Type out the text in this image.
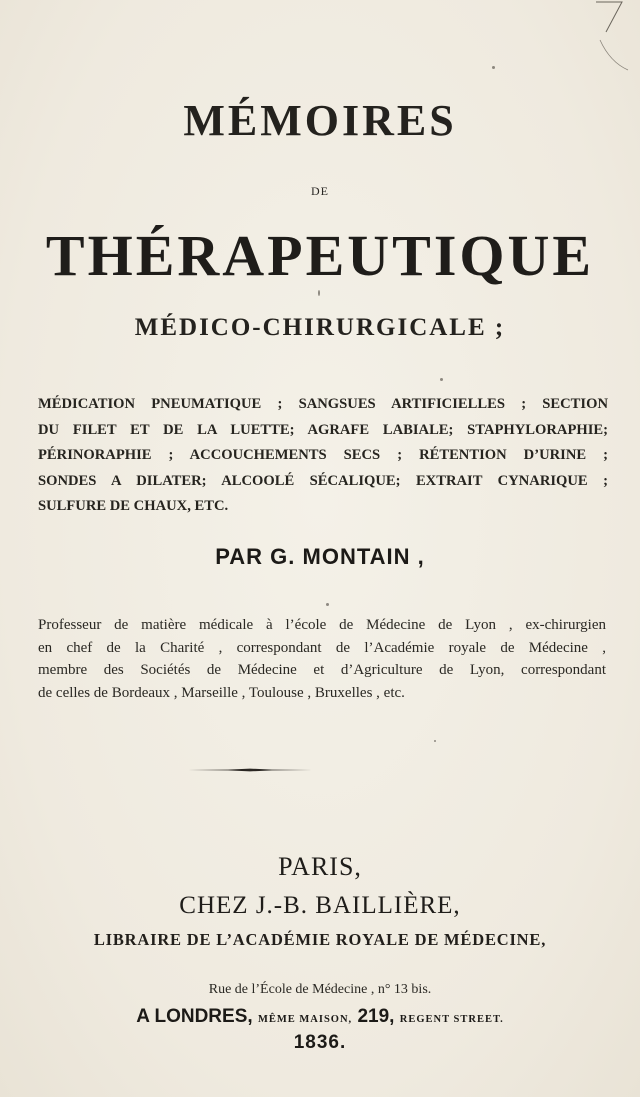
MÉMOIRES
DE
THÉRAPEUTIQUE
MÉDICO-CHIRURGICALE ;
MÉDICATION PNEUMATIQUE ; SANGSUES ARTIFICIELLES ; SECTION
DU FILET ET DE LA LUETTE; AGRAFE LABIALE; STAPHYLORAPHIE;
PÉRINORAPHIE ; ACCOUCHEMENTS SECS ; RÉTENTION D’URINE ;
SONDES A DILATER; ALCOOLÉ SÉCALIQUE; EXTRAIT CYNARIQUE ;
SULFURE DE CHAUX, ETC.
PAR G. MONTAIN ,
Professeur de matière médicale à l’école de Médecine de Lyon , ex-chirurgien
en chef de la Charité , correspondant de l’Académie royale de Médecine ,
membre des Sociétés de Médecine et d’Agriculture de Lyon, correspondant
de celles de Bordeaux , Marseille , Toulouse , Bruxelles , etc.
PARIS,
CHEZ J.-B. BAILLIÈRE,
LIBRAIRE DE L’ACADÉMIE ROYALE DE MÉDECINE,
Rue de l’École de Médecine , n° 13 bis.
A LONDRES, MÊME MAISON, 219, REGENT STREET.
1836.
